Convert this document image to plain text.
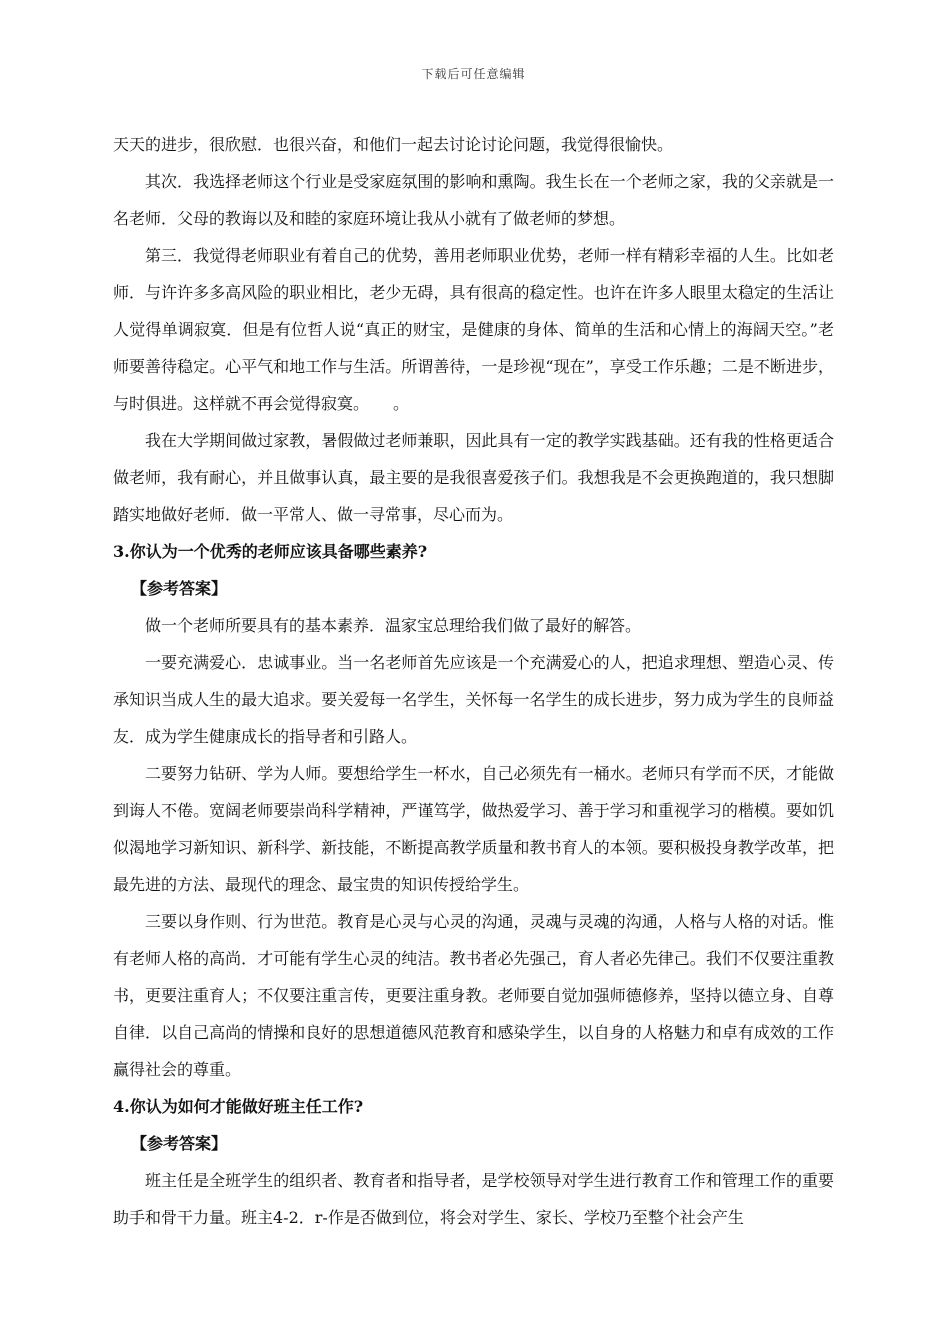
下载后可任意编辑

天天的进步，很欣慰．也很兴奋，和他们一起去讨论讨论问题，我觉得很愉快。

其次．我选择老师这个行业是受家庭氛围的影响和熏陶。我生长在一个老师之家，我的父亲就是一名老师．父母的教诲以及和睦的家庭环境让我从小就有了做老师的梦想。

第三．我觉得老师职业有着自己的优势，善用老师职业优势，老师一样有精彩幸福的人生。比如老师．与许许多多高风险的职业相比，老少无碍，具有很高的稳定性。也许在许多人眼里太稳定的生活让人觉得单调寂寞．但是有位哲人说“真正的财宝，是健康的身体、简单的生活和心情上的海阔天空。”老师要善待稳定。心平气和地工作与生活。所谓善待，一是珍视“现在”，享受工作乐趣；二是不断进步，与时俱进。这样就不再会觉得寂寞。　　。

我在大学期间做过家教，暑假做过老师兼职，因此具有一定的教学实践基础。还有我的性格更适合做老师，我有耐心，并且做事认真，最主要的是我很喜爱孩子们。我想我是不会更换跑道的，我只想脚踏实地做好老师．做一平常人、做一寻常事，尽心而为。

3.你认为一个优秀的老师应该具备哪些素养?

【参考答案】

做一个老师所要具有的基本素养．温家宝总理给我们做了最好的解答。

一要充满爱心．忠诚事业。当一名老师首先应该是一个充满爱心的人，把追求理想、塑造心灵、传承知识当成人生的最大追求。要关爱每一名学生，关怀每一名学生的成长进步，努力成为学生的良师益友．成为学生健康成长的指导者和引路人。

二要努力钻研、学为人师。要想给学生一杯水，自己必须先有一桶水。老师只有学而不厌，才能做到诲人不倦。宽阔老师要崇尚科学精神，严谨笃学，做热爱学习、善于学习和重视学习的楷模。要如饥似渴地学习新知识、新科学、新技能，不断提高教学质量和教书育人的本领。要积极投身教学改革，把最先进的方法、最现代的理念、最宝贵的知识传授给学生。

三要以身作则、行为世范。教育是心灵与心灵的沟通，灵魂与灵魂的沟通，人格与人格的对话。惟有老师人格的高尚．才可能有学生心灵的纯洁。教书者必先强己，育人者必先律己。我们不仅要注重教书，更要注重育人；不仅要注重言传，更要注重身教。老师要自觉加强师德修养，坚持以德立身、自尊自律．以自己高尚的情操和良好的思想道德风范教育和感染学生，以自身的人格魅力和卓有成效的工作赢得社会的尊重。

4.你认为如何才能做好班主任工作?

【参考答案】

班主任是全班学生的组织者、教育者和指导者，是学校领导对学生进行教育工作和管理工作的重要助手和骨干力量。班主4-2．r-作是否做到位，将会对学生、家长、学校乃至整个社会产生
